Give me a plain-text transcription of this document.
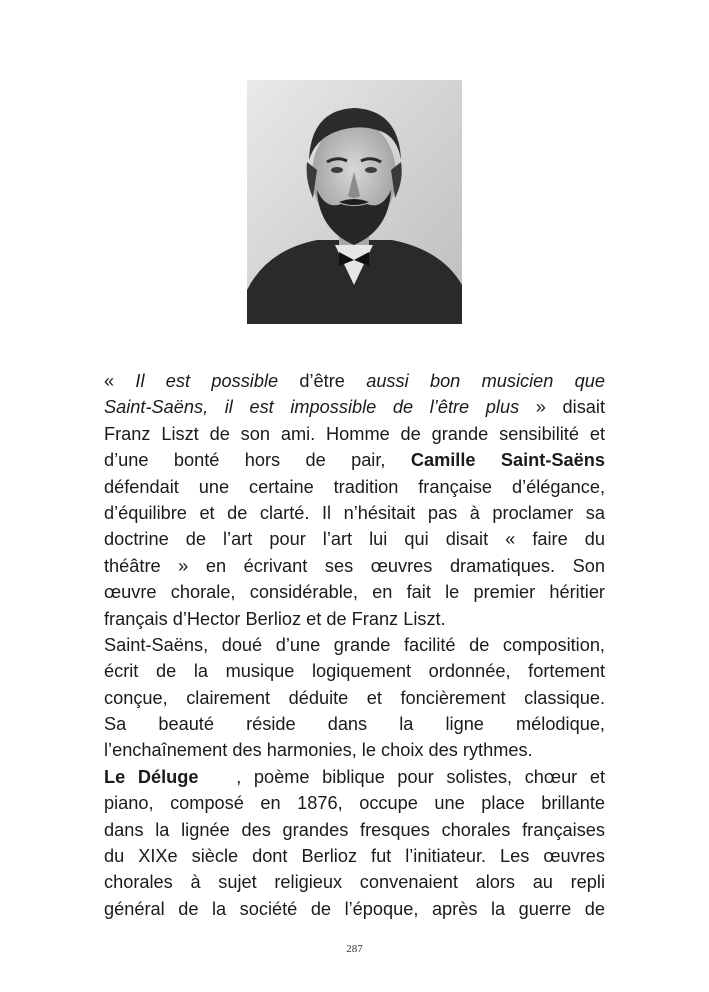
« Il est possible d’être aussi bon musicien que
Saint-Saëns, il est impossible de l’être plus » disait
Franz Liszt de son ami. Homme de grande sensibilité et
d’une bonté hors de pair, Camille Saint-Saëns
défendait une certaine tradition française d’élégance,
d’équilibre et de clarté. Il n’hésitait pas à proclamer sa
doctrine de l’art pour l’art lui qui disait « faire du
théâtre » en écrivant ses œuvres dramatiques. Son
œuvre chorale, considérable, en fait le premier héritier
français d’Hector Berlioz et de Franz Liszt.
Saint-Saëns, doué d’une grande facilité de composition,
écrit de la musique logiquement ordonnée, fortement
conçue, clairement déduite et foncièrement classique.
Sa beauté réside dans la ligne mélodique,
l’enchaînement des harmonies, le choix des rythmes.
Le Déluge   , poème biblique pour solistes, chœur et
piano, composé en 1876, occupe une place brillante
dans la lignée des grandes fresques chorales françaises
du XIXe siècle dont Berlioz fut l’initiateur. Les œuvres
chorales à sujet religieux convenaient alors au repli
général de la société de l’époque, après la guerre de
287
